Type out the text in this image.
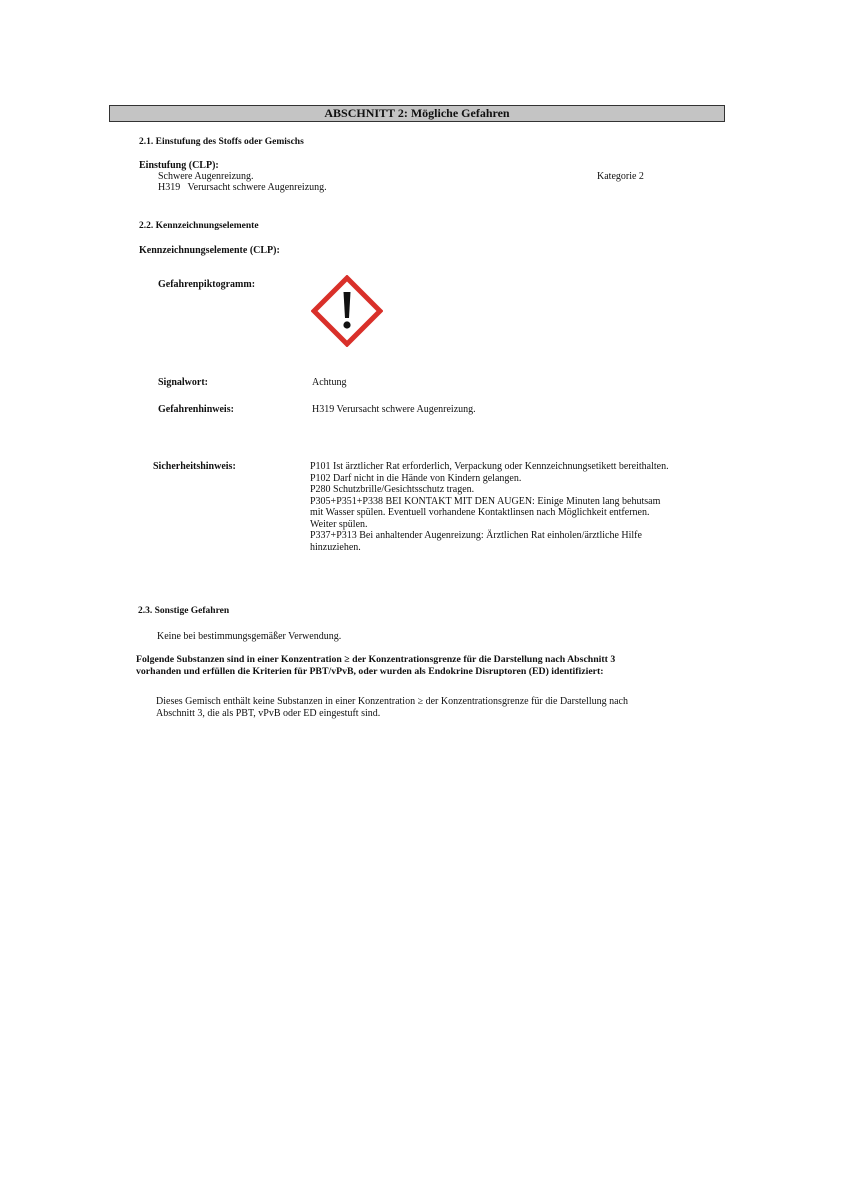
ABSCHNITT 2: Mögliche Gefahren
2.1. Einstufung des Stoffs oder Gemischs
Einstufung (CLP):
Schwere Augenreizung.	Kategorie 2
H319   Verursacht schwere Augenreizung.
2.2. Kennzeichnungselemente
Kennzeichnungselemente (CLP):
Gefahrenpiktogramm:
Signalwort:	Achtung
Gefahrenhinweis:	H319 Verursacht schwere Augenreizung.
Sicherheitshinweis:	P101 Ist ärztlicher Rat erforderlich, Verpackung oder Kennzeichnungsetikett bereithalten.
P102 Darf nicht in die Hände von Kindern gelangen.
P280 Schutzbrille/Gesichtsschutz tragen.
P305+P351+P338 BEI KONTAKT MIT DEN AUGEN: Einige Minuten lang behutsam
mit Wasser spülen. Eventuell vorhandene Kontaktlinsen nach Möglichkeit entfernen.
Weiter spülen.
P337+P313 Bei anhaltender Augenreizung: Ärztlichen Rat einholen/ärztliche Hilfe
hinzuziehen.
2.3. Sonstige Gefahren
Keine bei bestimmungsgemäßer Verwendung.
Folgende Substanzen sind in einer Konzentration ≥ der Konzentrationsgrenze für die Darstellung nach Abschnitt 3
vorhanden und erfüllen die Kriterien für PBT/vPvB, oder wurden als Endokrine Disruptoren (ED) identifiziert:
Dieses Gemisch enthält keine Substanzen in einer Konzentration ≥ der Konzentrationsgrenze für die Darstellung nach
Abschnitt 3, die als PBT, vPvB oder ED eingestuft sind.
